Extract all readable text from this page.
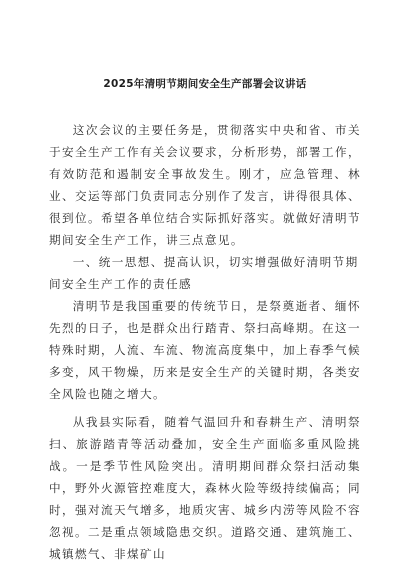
2025年清明节期间安全生产部署会议讲话

这次会议的主要任务是，贯彻落实中央和省、市关于安全生产工作有关会议要求，分析形势，部署工作，有效防范和遏制安全事故发生。刚才，应急管理、林业、交运等部门负责同志分别作了发言，讲得很具体、很到位。希望各单位结合实际抓好落实。就做好清明节期间安全生产工作，讲三点意见。

一、统一思想、提高认识，切实增强做好清明节期间安全生产工作的责任感

清明节是我国重要的传统节日，是祭奠逝者、缅怀先烈的日子，也是群众出行踏青、祭扫高峰期。在这一特殊时期，人流、车流、物流高度集中，加上春季气候多变，风干物燥，历来是安全生产的关键时期，各类安全风险也随之增大。

从我县实际看，随着气温回升和春耕生产、清明祭扫、旅游踏青等活动叠加，安全生产面临多重风险挑战。一是季节性风险突出。清明期间群众祭扫活动集中，野外火源管控难度大，森林火险等级持续偏高；同时，强对流天气增多，地质灾害、城乡内涝等风险不容忽视。二是重点领域隐患交织。道路交通、建筑施工、城镇燃气、非煤矿山
